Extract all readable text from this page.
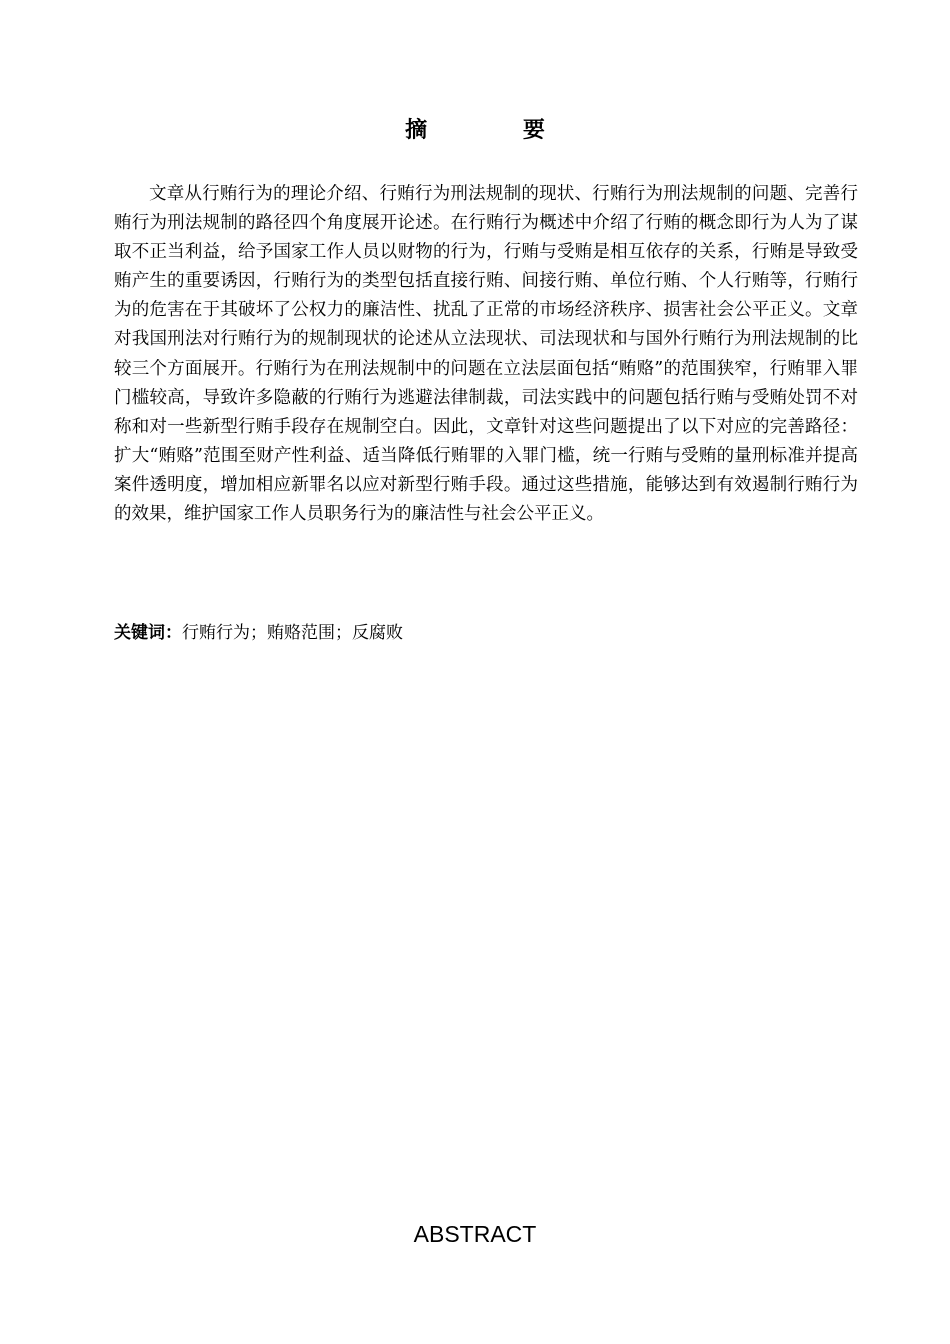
摘 要

文章从行贿行为的理论介绍、行贿行为刑法规制的现状、行贿行为刑法规制的问题、完善行贿行为刑法规制的路径四个角度展开论述。在行贿行为概述中介绍了行贿的概念即行为人为了谋取不正当利益，给予国家工作人员以财物的行为，行贿与受贿是相互依存的关系，行贿是导致受贿产生的重要诱因，行贿行为的类型包括直接行贿、间接行贿、单位行贿、个人行贿等，行贿行为的危害在于其破坏了公权力的廉洁性、扰乱了正常的市场经济秩序、损害社会公平正义。文章对我国刑法对行贿行为的规制现状的论述从立法现状、司法现状和与国外行贿行为刑法规制的比较三个方面展开。行贿行为在刑法规制中的问题在立法层面包括“贿赂”的范围狭窄，行贿罪入罪门槛较高，导致许多隐蔽的行贿行为逃避法律制裁，司法实践中的问题包括行贿与受贿处罚不对称和对一些新型行贿手段存在规制空白。因此，文章针对这些问题提出了以下对应的完善路径：扩大“贿赂”范围至财产性利益、适当降低行贿罪的入罪门槛，统一行贿与受贿的量刑标准并提高案件透明度，增加相应新罪名以应对新型行贿手段。通过这些措施，能够达到有效遏制行贿行为的效果，维护国家工作人员职务行为的廉洁性与社会公平正义。

关键词：行贿行为；贿赂范围；反腐败
ABSTRACT
